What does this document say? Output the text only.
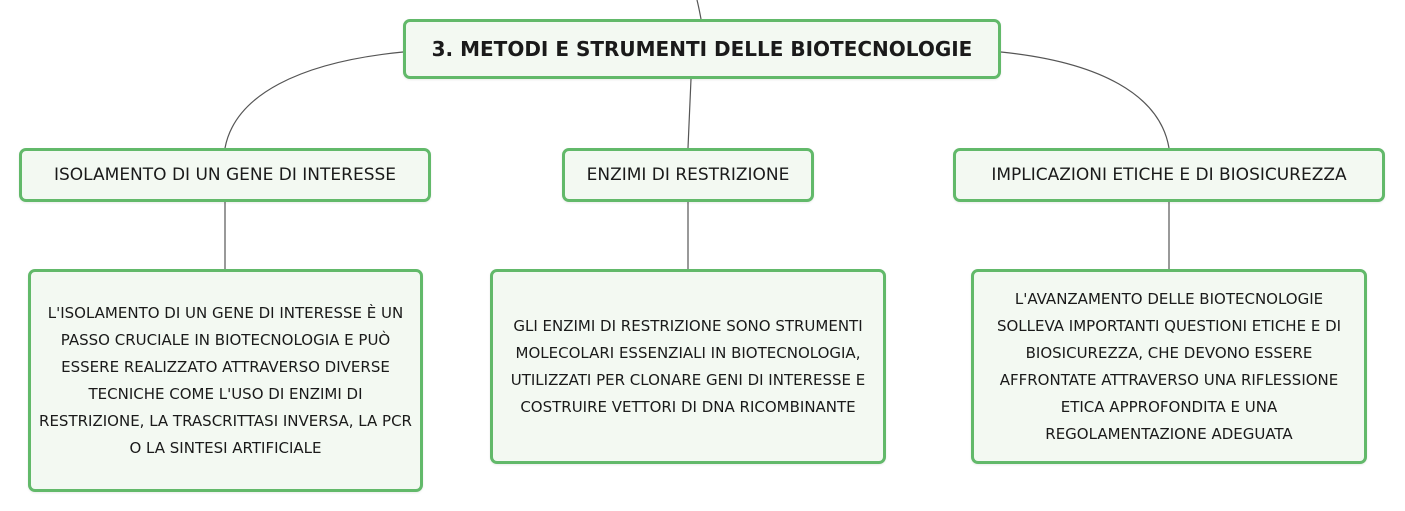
3. METODI E STRUMENTI DELLE BIOTECNOLOGIE
ISOLAMENTO DI UN GENE DI INTERESSE	ENZIMI DI RESTRIZIONE	IMPLICAZIONI ETICHE E DI BIOSICUREZZA
L'ISOLAMENTO DI UN GENE DI INTERESSE È UN PASSO CRUCIALE IN BIOTECNOLOGIA E PUÒ ESSERE REALIZZATO ATTRAVERSO DIVERSE TECNICHE COME L'USO DI ENZIMI DI RESTRIZIONE, LA TRASCRITTASI INVERSA, LA PCR O LA SINTESI ARTIFICIALE
GLI ENZIMI DI RESTRIZIONE SONO STRUMENTI MOLECOLARI ESSENZIALI IN BIOTECNOLOGIA, UTILIZZATI PER CLONARE GENI DI INTERESSE E COSTRUIRE VETTORI DI DNA RICOMBINANTE
L'AVANZAMENTO DELLE BIOTECNOLOGIE SOLLEVA IMPORTANTI QUESTIONI ETICHE E DI BIOSICUREZZA, CHE DEVONO ESSERE AFFRONTATE ATTRAVERSO UNA RIFLESSIONE ETICA APPROFONDITA E UNA REGOLAMENTAZIONE ADEGUATA
